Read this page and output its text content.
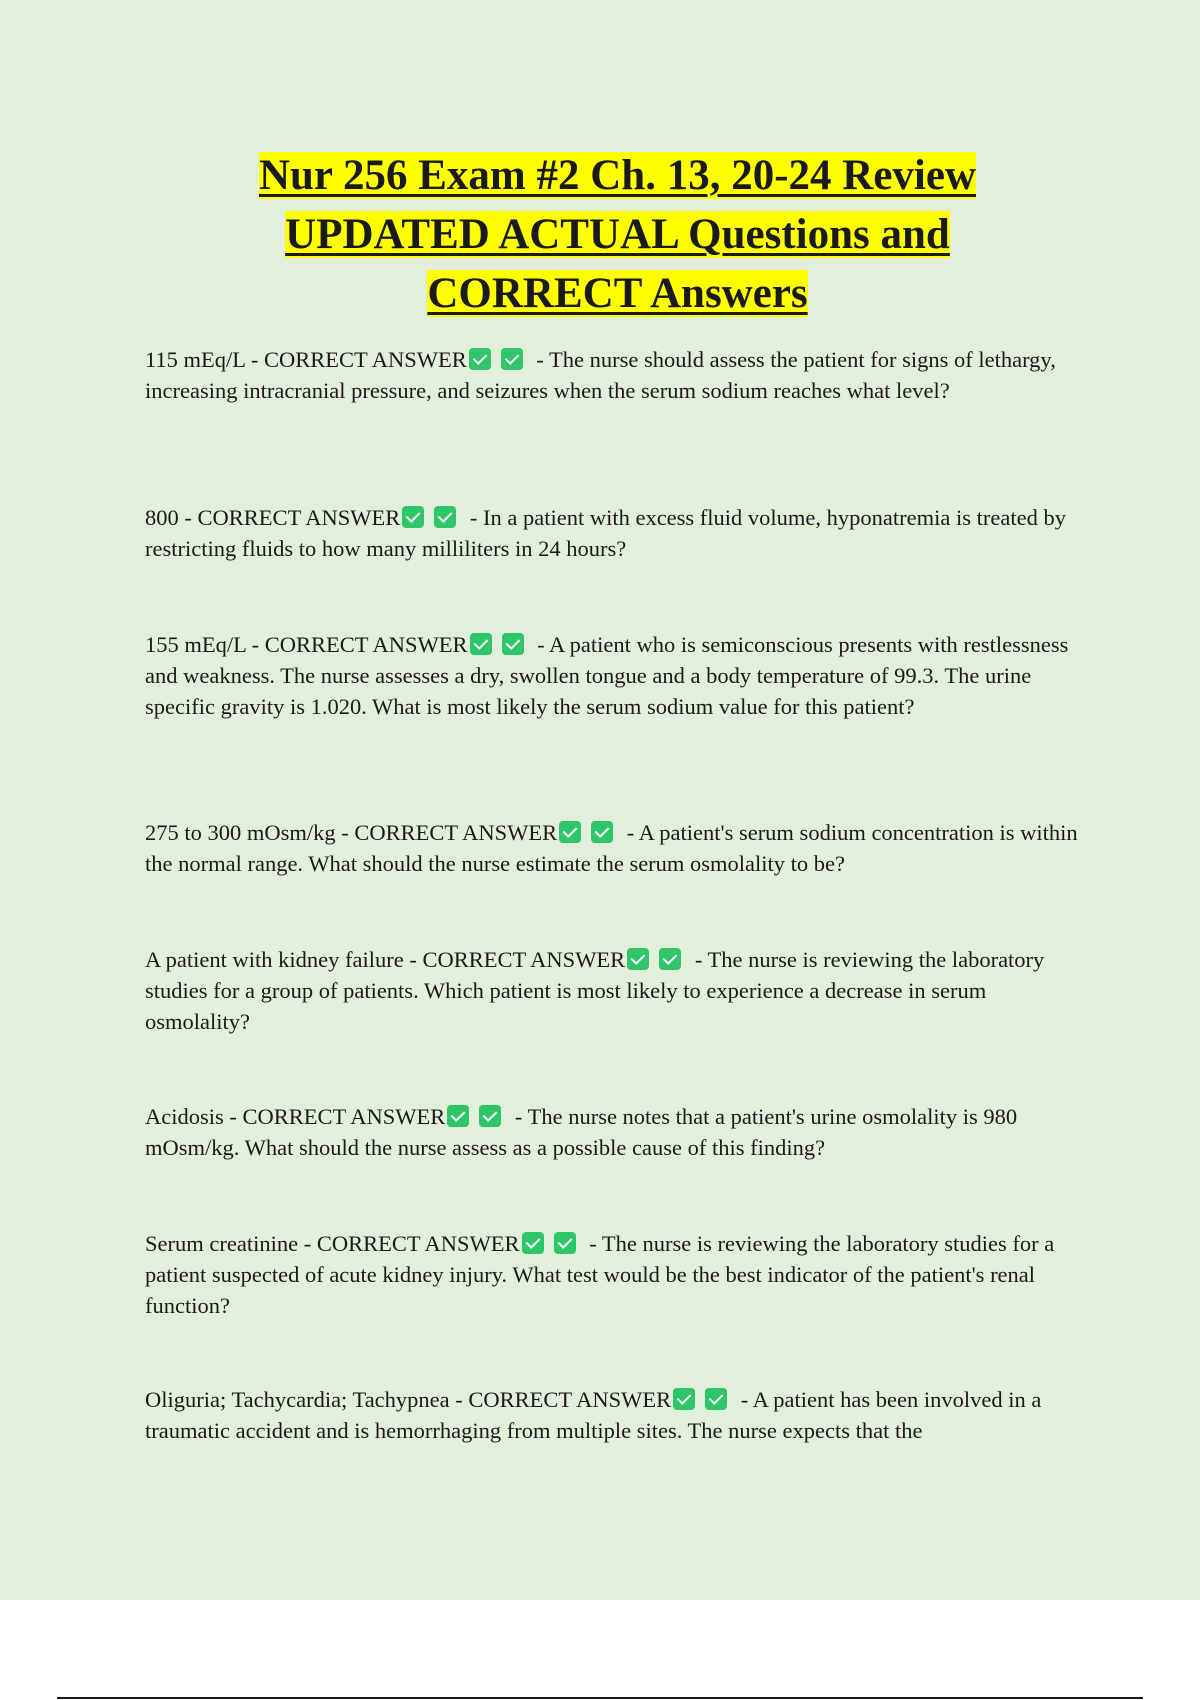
Nur 256 Exam #2 Ch. 13, 20-24 Review
UPDATED ACTUAL Questions and
CORRECT Answers
115 mEq/L - CORRECT ANSWER	- The nurse should assess the patient for signs of lethargy, increasing intracranial pressure, and seizures when the serum sodium reaches what level?
800 - CORRECT ANSWER	- In a patient with excess fluid volume, hyponatremia is treated by restricting fluids to how many milliliters in 24 hours?
155 mEq/L - CORRECT ANSWER	- A patient who is semiconscious presents with restlessness and weakness. The nurse assesses a dry, swollen tongue and a body temperature of 99.3. The urine specific gravity is 1.020. What is most likely the serum sodium value for this patient?
275 to 300 mOsm/kg - CORRECT ANSWER	- A patient's serum sodium concentration is within the normal range. What should the nurse estimate the serum osmolality to be?
A patient with kidney failure - CORRECT ANSWER	- The nurse is reviewing the laboratory studies for a group of patients. Which patient is most likely to experience a decrease in serum osmolality?
Acidosis - CORRECT ANSWER	- The nurse notes that a patient's urine osmolality is 980 mOsm/kg. What should the nurse assess as a possible cause of this finding?
Serum creatinine - CORRECT ANSWER	- The nurse is reviewing the laboratory studies for a patient suspected of acute kidney injury. What test would be the best indicator of the patient's renal function?
Oliguria; Tachycardia; Tachypnea - CORRECT ANSWER	- A patient has been involved in a traumatic accident and is hemorrhaging from multiple sites. The nurse expects that the
